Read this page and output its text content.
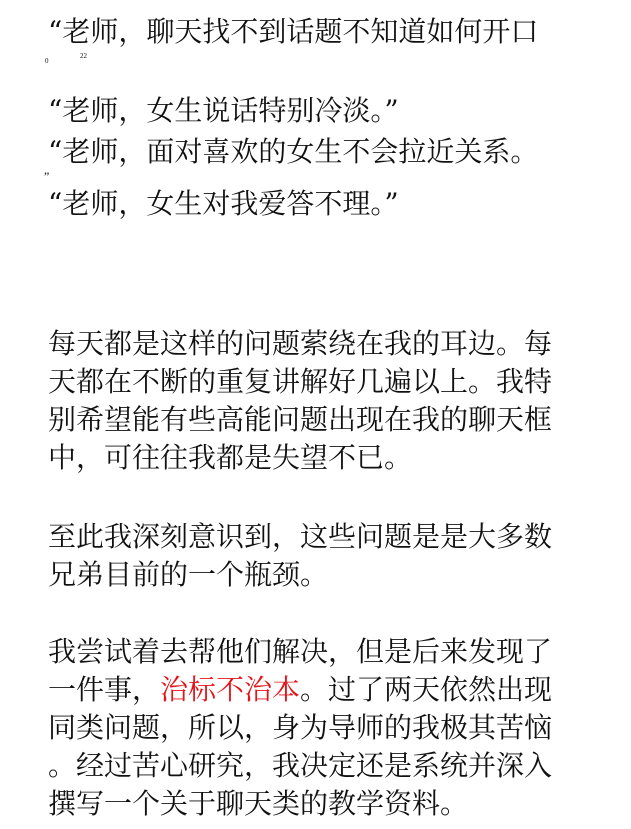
“老师，聊天找不到话题不知道如何开口
0
22
“老师，女生说话特别冷淡。”
“老师，面对喜欢的女生不会拉近关系。
”
“老师，女生对我爱答不理。”
每天都是这样的问题萦绕在我的耳边。每
天都在不断的重复讲解好几遍以上。我特
别希望能有些高能问题出现在我的聊天框
中，可往往我都是失望不已。
至此我深刻意识到，这些问题是是大多数
兄弟目前的一个瓶颈。
我尝试着去帮他们解决，但是后来发现了
一件事，治标不治本。过了两天依然出现
同类问题，所以，身为导师的我极其苦恼
。经过苦心研究，我决定还是系统并深入
撰写一个关于聊天类的教学资料。
